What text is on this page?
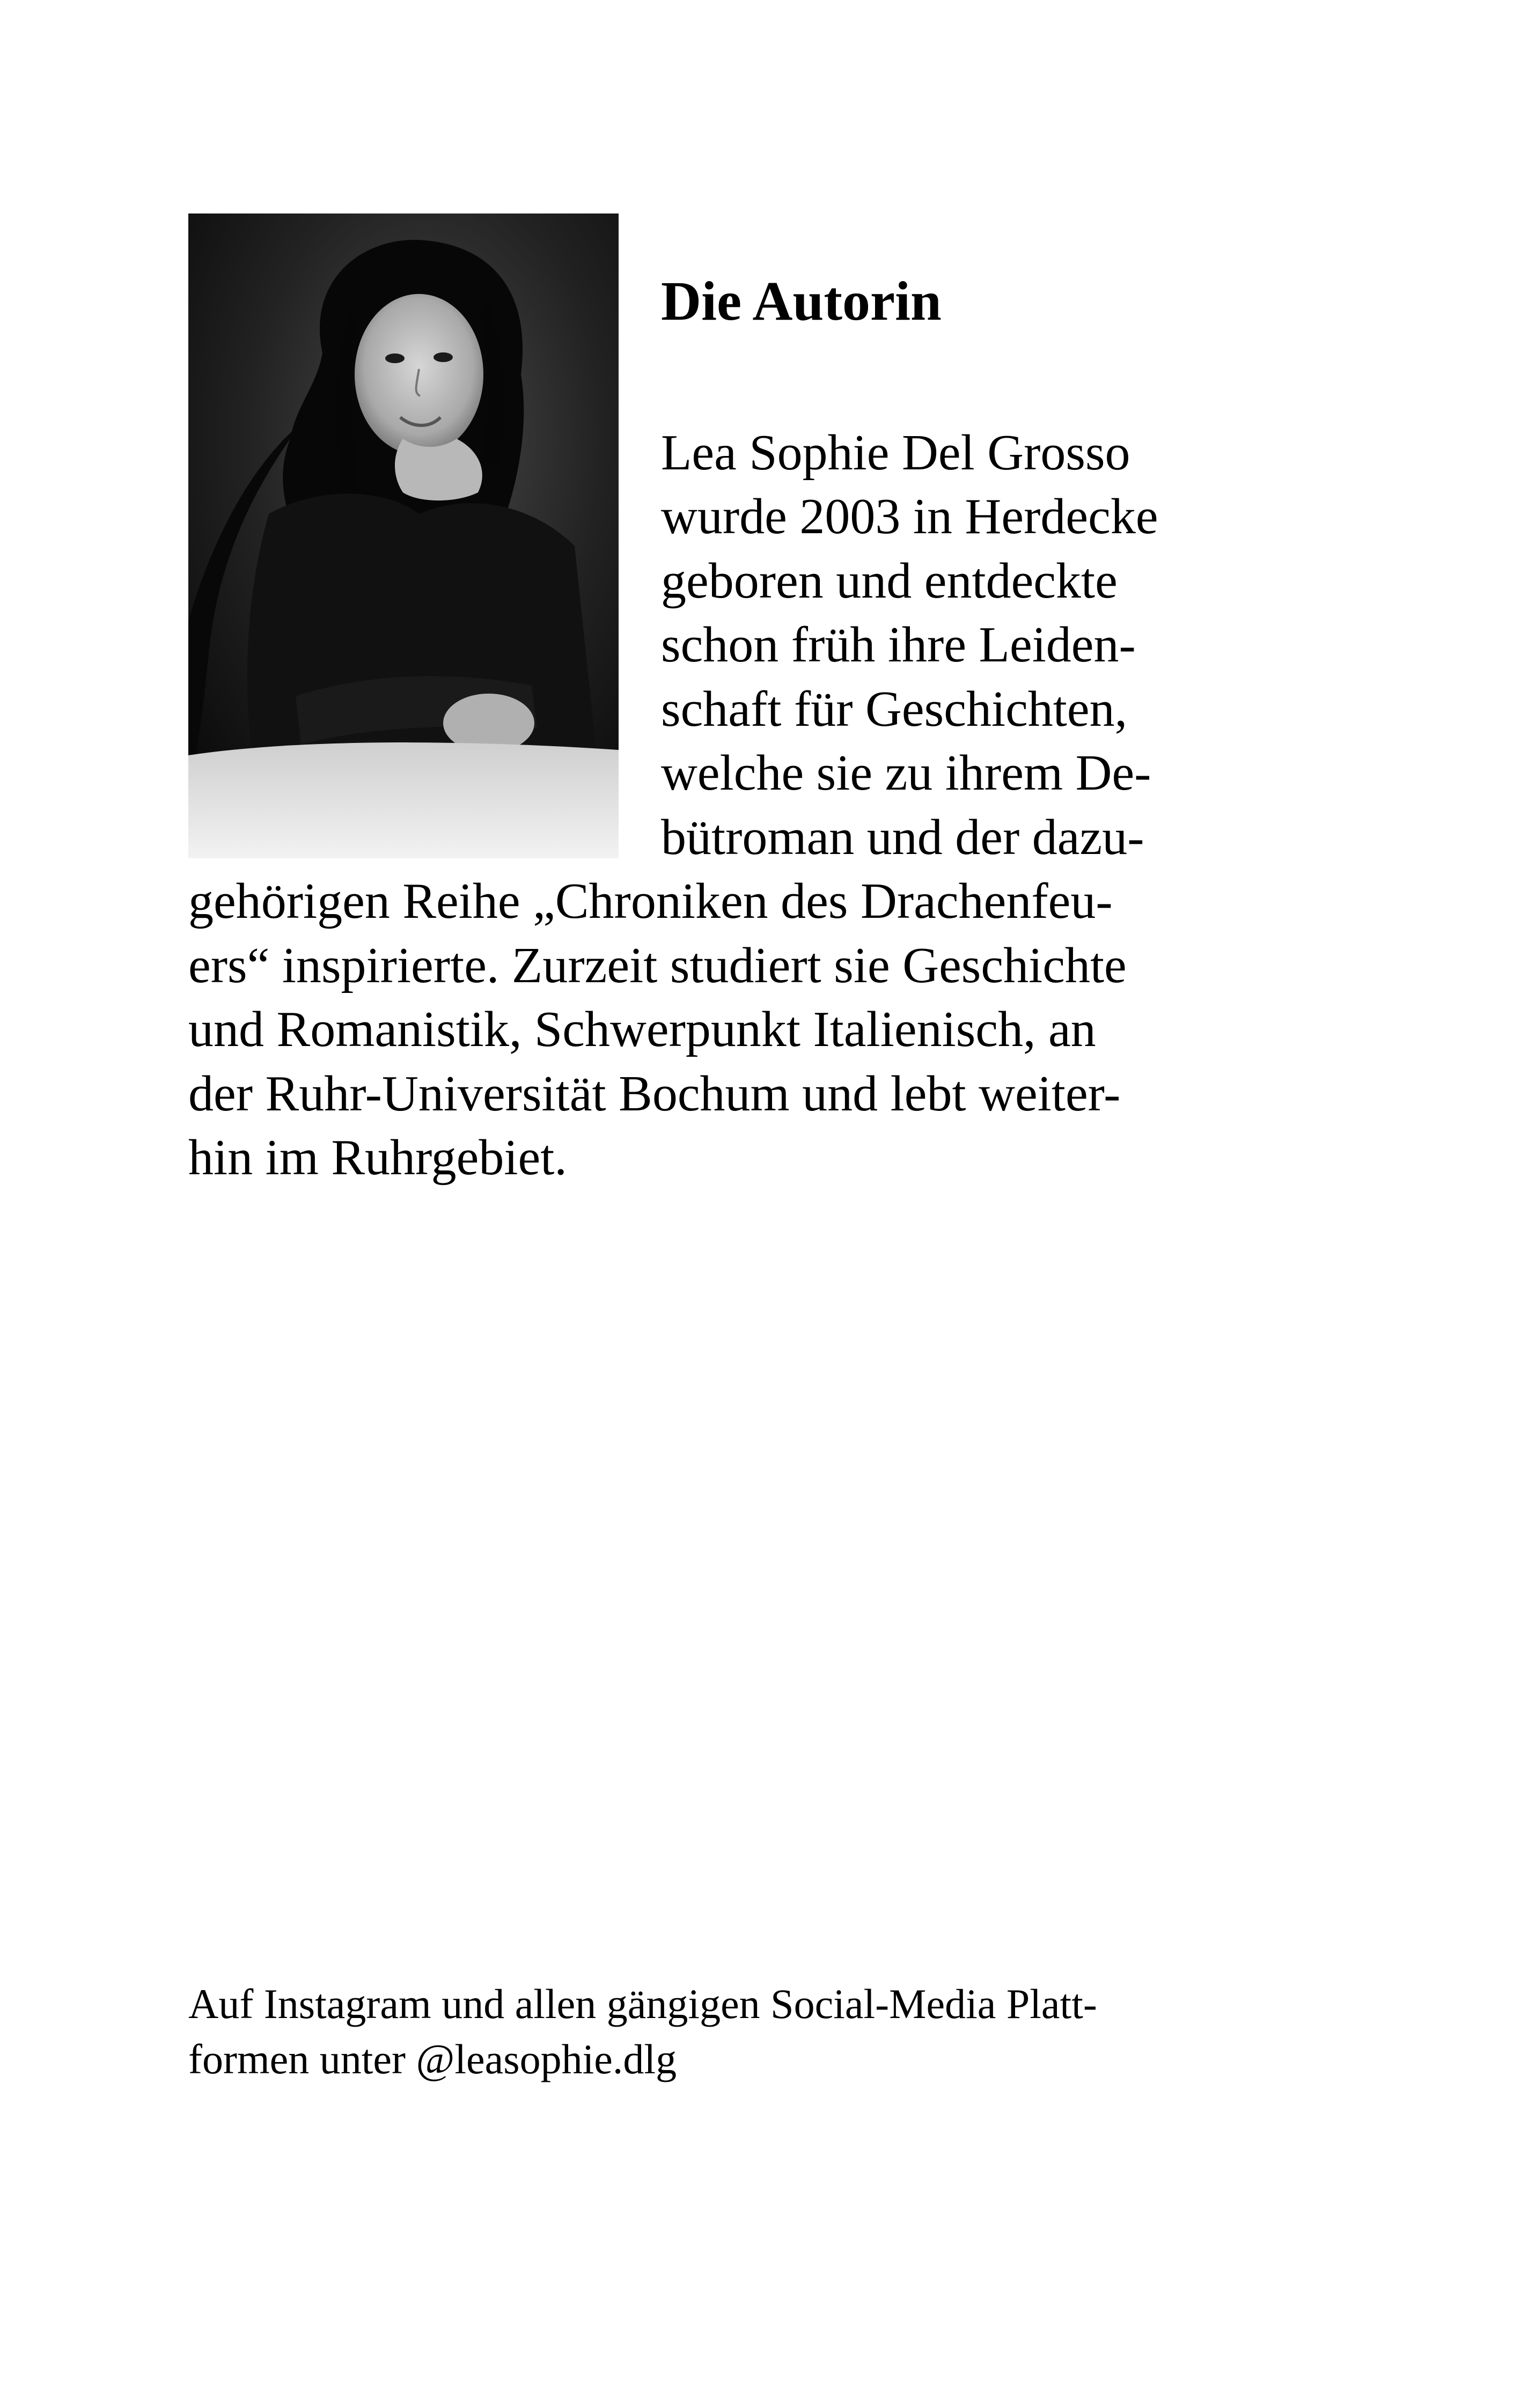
Die Autorin

Lea Sophie Del Grosso

wurde 2003 in Herdecke

geboren und entdeckte

schon früh ihre Leiden-

schaft für Geschichten,

welche sie zu ihrem De-

bütroman und der dazu-

gehörigen Reihe „Chroniken des Drachenfeu-

ers“ inspirierte. Zurzeit studiert sie Geschichte

und Romanistik, Schwerpunkt Italienisch, an

der Ruhr-Universität Bochum und lebt weiter-

hin im Ruhrgebiet.

Auf Instagram und allen gängigen Social-Media Platt-

formen unter @leasophie.dlg
